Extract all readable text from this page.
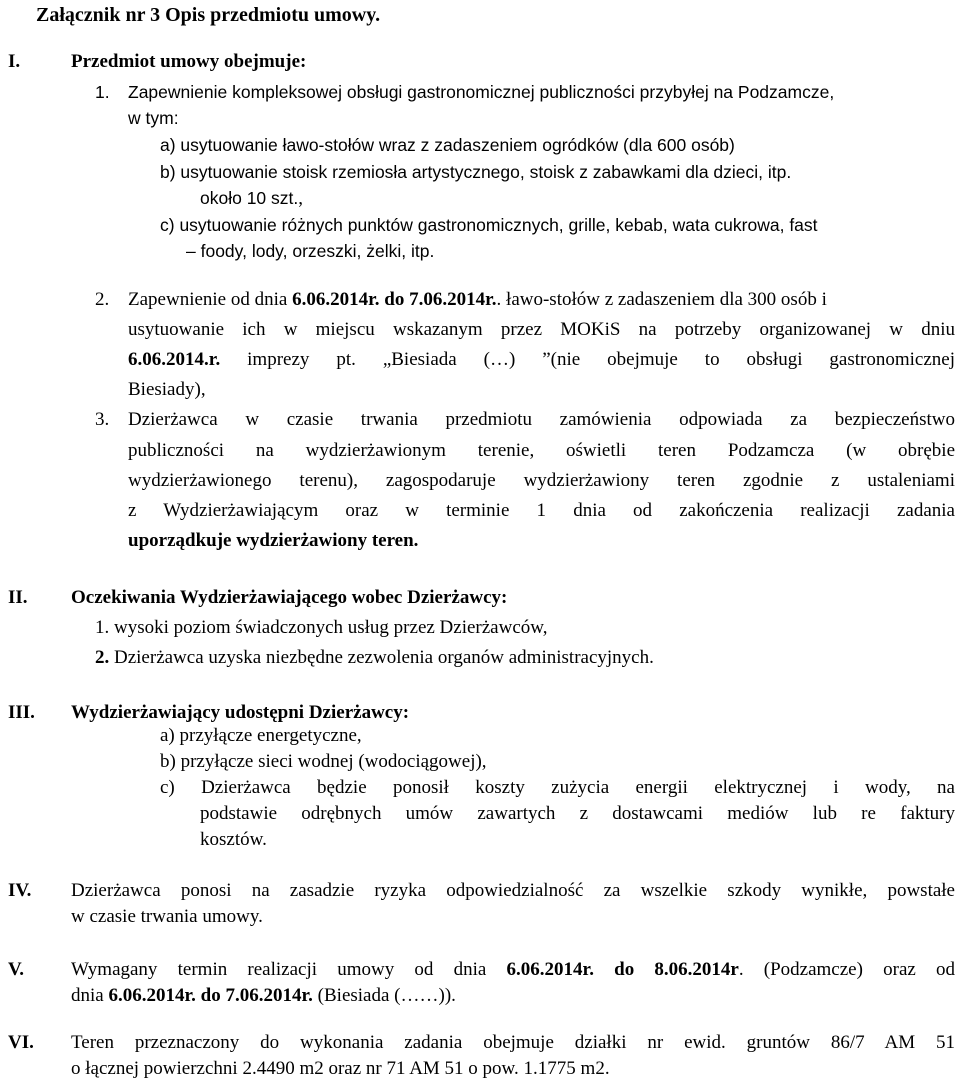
Załącznik nr 3 Opis przedmiotu umowy.
I.	Przedmiot umowy obejmuje:
1. Zapewnienie kompleksowej obsługi gastronomicznej publiczności przybyłej na Podzamcze,
w tym:
a) usytuowanie ławo-stołów wraz z zadaszeniem ogródków (dla 600 osób)
b) usytuowanie stoisk rzemiosła artystycznego, stoisk z zabawkami dla dzieci, itp.
około 10 szt.,
c) usytuowanie różnych punktów gastronomicznych, grille, kebab, wata cukrowa, fast
– foody, lody, orzeszki, żelki, itp.
2. Zapewnienie od dnia 6.06.2014r. do 7.06.2014r.. ławo-stołów z zadaszeniem dla 300 osób i
usytuowanie ich w miejscu wskazanym przez MOKiS na potrzeby organizowanej w dniu
6.06.2014.r. imprezy pt. „Biesiada (…) ”(nie obejmuje to obsługi gastronomicznej
Biesiady),
3. Dzierżawca w czasie trwania przedmiotu zamówienia odpowiada za bezpieczeństwo
publiczności na wydzierżawionym terenie, oświetli teren Podzamcza (w obrębie
wydzierżawionego terenu), zagospodaruje wydzierżawiony teren zgodnie z ustaleniami
z Wydzierżawiającym oraz w terminie 1 dnia od zakończenia realizacji zadania
uporządkuje wydzierżawiony teren.
II. Oczekiwania Wydzierżawiającego wobec Dzierżawcy:
1. wysoki poziom świadczonych usług przez Dzierżawców,
2. Dzierżawca uzyska niezbędne zezwolenia organów administracyjnych.
III. Wydzierżawiający udostępni Dzierżawcy:
a) przyłącze energetyczne,
b) przyłącze sieci wodnej (wodociągowej),
c) Dzierżawca będzie ponosił koszty zużycia energii elektrycznej i wody, na
podstawie odrębnych umów zawartych z dostawcami mediów lub re faktury
kosztów.
IV. Dzierżawca ponosi na zasadzie ryzyka odpowiedzialność za wszelkie szkody wynikłe, powstałe
w czasie trwania umowy.
V. Wymagany termin realizacji umowy od dnia 6.06.2014r. do 8.06.2014r. (Podzamcze) oraz od
dnia 6.06.2014r. do 7.06.2014r. (Biesiada (……)).
VI. Teren przeznaczony do wykonania zadania obejmuje działki nr ewid. gruntów 86/7 AM 51
o łącznej powierzchni 2.4490 m2 oraz nr 71 AM 51 o pow. 1.1775 m2.
